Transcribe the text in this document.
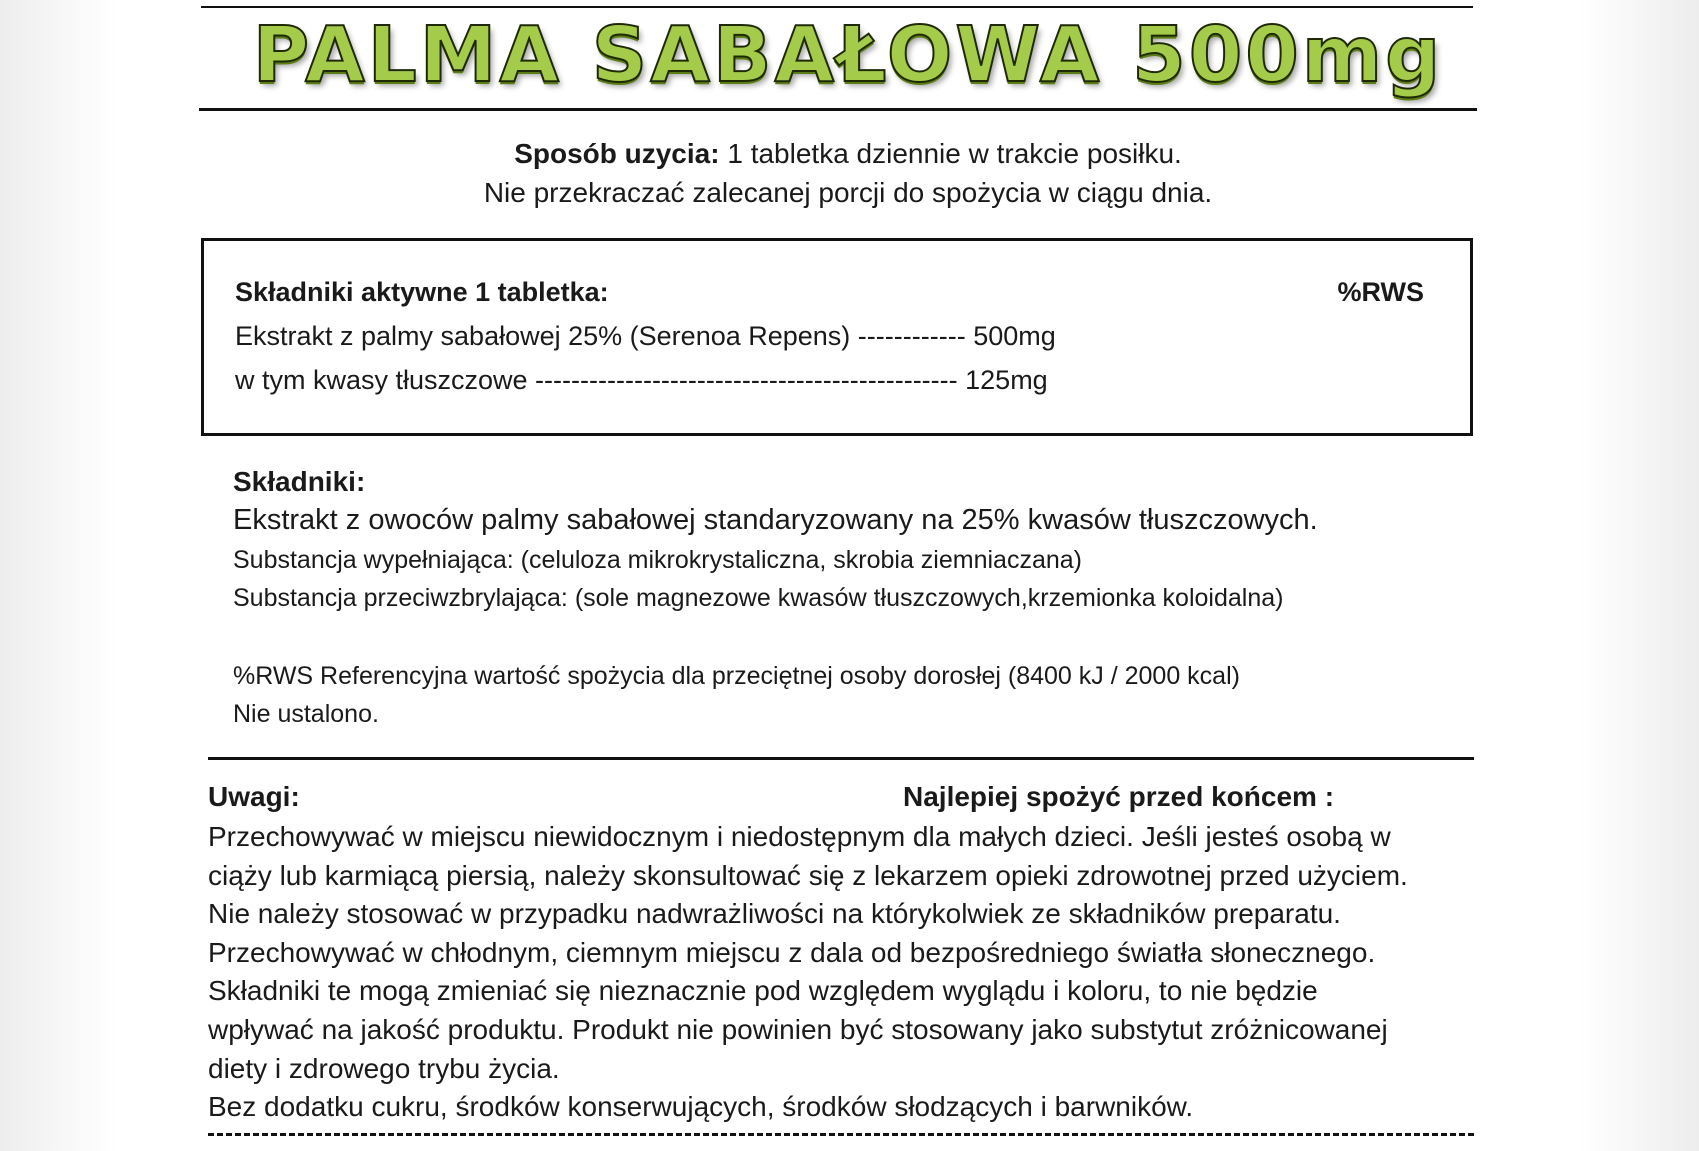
PALMA SABAŁOWA 500mg
Sposób uzycia: 1 tabletka dziennie w trakcie posiłku.
Nie przekraczać zalecanej porcji do spożycia w ciągu dnia.
Składniki aktywne 1 tabletka:	%RWS
Ekstrakt z palmy sabałowej 25% (Serenoa Repens) ------------ 500mg
w tym kwasy tłuszczowe ----------------------------------------------- 125mg
Składniki:
Ekstrakt z owoców palmy sabałowej standaryzowany na 25% kwasów tłuszczowych.
Substancja wypełniająca: (celuloza mikrokrystaliczna, skrobia ziemniaczana)
Substancja przeciwzbrylająca: (sole magnezowe kwasów tłuszczowych,krzemionka koloidalna)
%RWS Referencyjna wartość spożycia dla przeciętnej osoby dorosłej (8400 kJ / 2000 kcal)
Nie ustalono.
Uwagi:	Najlepiej spożyć przed końcem :
Przechowywać w miejscu niewidocznym i niedostępnym dla małych dzieci. Jeśli jesteś osobą w
ciąży lub karmiącą piersią, należy skonsultować się z lekarzem opieki zdrowotnej przed użyciem.
Nie należy stosować w przypadku nadwrażliwości na którykolwiek ze składników preparatu.
Przechowywać w chłodnym, ciemnym miejscu z dala od bezpośredniego światła słonecznego.
Składniki te mogą zmieniać się nieznacznie pod względem wyglądu i koloru, to nie będzie
wpływać na jakość produktu. Produkt nie powinien być stosowany jako substytut zróżnicowanej
diety i zdrowego trybu życia.
Bez dodatku cukru, środków konserwujących, środków słodzących i barwników.
